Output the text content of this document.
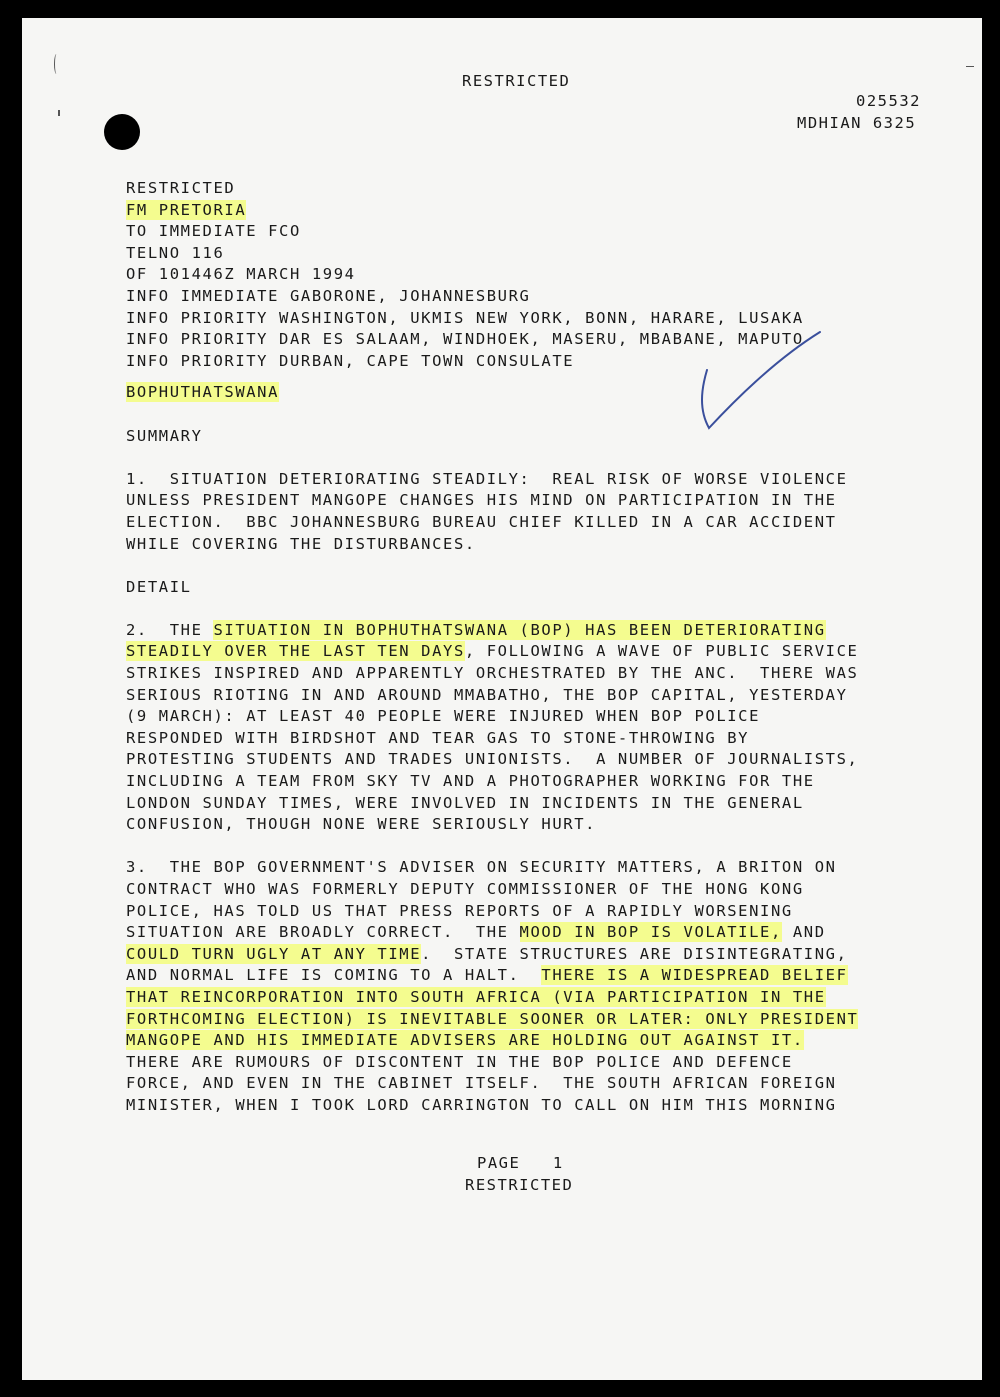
RESTRICTED
025532
MDHIAN 6325
RESTRICTED
FM PRETORIA
TO IMMEDIATE FCO
TELNO 116
OF 101446Z MARCH 1994
INFO IMMEDIATE GABORONE, JOHANNESBURG
INFO PRIORITY WASHINGTON, UKMIS NEW YORK, BONN, HARARE, LUSAKA
INFO PRIORITY DAR ES SALAAM, WINDHOEK, MASERU, MBABANE, MAPUTO
INFO PRIORITY DURBAN, CAPE TOWN CONSULATE
BOPHUTHATSWANA
SUMMARY
1.  SITUATION DETERIORATING STEADILY:  REAL RISK OF WORSE VIOLENCE
UNLESS PRESIDENT MANGOPE CHANGES HIS MIND ON PARTICIPATION IN THE
ELECTION.  BBC JOHANNESBURG BUREAU CHIEF KILLED IN A CAR ACCIDENT
WHILE COVERING THE DISTURBANCES.
DETAIL
2.  THE SITUATION IN BOPHUTHATSWANA (BOP) HAS BEEN DETERIORATING
STEADILY OVER THE LAST TEN DAYS, FOLLOWING A WAVE OF PUBLIC SERVICE
STRIKES INSPIRED AND APPARENTLY ORCHESTRATED BY THE ANC.  THERE WAS
SERIOUS RIOTING IN AND AROUND MMABATHO, THE BOP CAPITAL, YESTERDAY
(9 MARCH): AT LEAST 40 PEOPLE WERE INJURED WHEN BOP POLICE
RESPONDED WITH BIRDSHOT AND TEAR GAS TO STONE-THROWING BY
PROTESTING STUDENTS AND TRADES UNIONISTS.  A NUMBER OF JOURNALISTS,
INCLUDING A TEAM FROM SKY TV AND A PHOTOGRAPHER WORKING FOR THE
LONDON SUNDAY TIMES, WERE INVOLVED IN INCIDENTS IN THE GENERAL
CONFUSION, THOUGH NONE WERE SERIOUSLY HURT.
3.  THE BOP GOVERNMENT'S ADVISER ON SECURITY MATTERS, A BRITON ON
CONTRACT WHO WAS FORMERLY DEPUTY COMMISSIONER OF THE HONG KONG
POLICE, HAS TOLD US THAT PRESS REPORTS OF A RAPIDLY WORSENING
SITUATION ARE BROADLY CORRECT.  THE MOOD IN BOP IS VOLATILE, AND
COULD TURN UGLY AT ANY TIME.  STATE STRUCTURES ARE DISINTEGRATING,
AND NORMAL LIFE IS COMING TO A HALT.  THERE IS A WIDESPREAD BELIEF
THAT REINCORPORATION INTO SOUTH AFRICA (VIA PARTICIPATION IN THE
FORTHCOMING ELECTION) IS INEVITABLE SOONER OR LATER: ONLY PRESIDENT
MANGOPE AND HIS IMMEDIATE ADVISERS ARE HOLDING OUT AGAINST IT.
THERE ARE RUMOURS OF DISCONTENT IN THE BOP POLICE AND DEFENCE
FORCE, AND EVEN IN THE CABINET ITSELF.  THE SOUTH AFRICAN FOREIGN
MINISTER, WHEN I TOOK LORD CARRINGTON TO CALL ON HIM THIS MORNING
PAGE   1
RESTRICTED
